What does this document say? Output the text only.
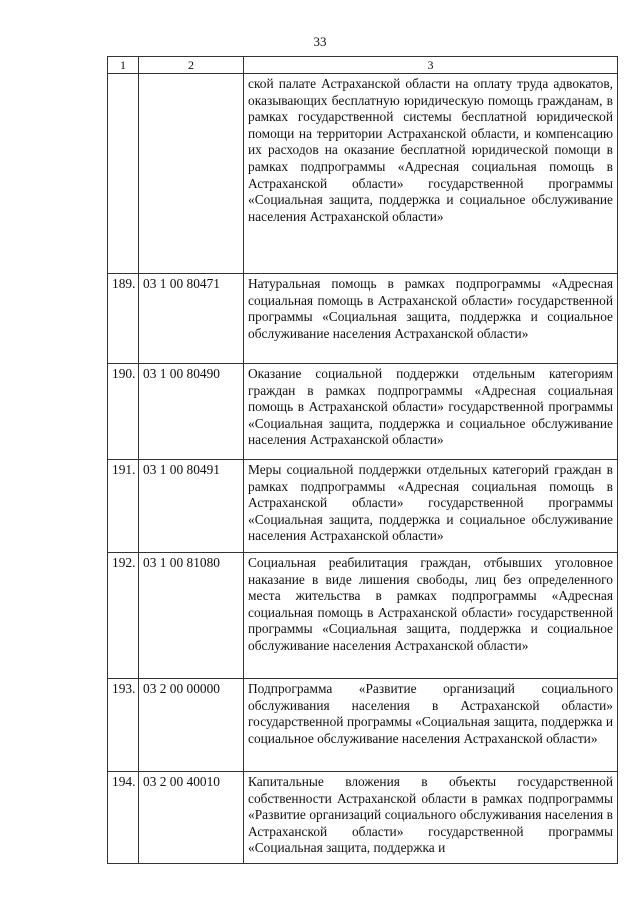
33
1	2	3
		ской палате Астраханской области на оплату труда адвокатов, оказывающих бесплатную юридическую помощь гражданам, в рамках государственной системы бесплатной юридической помощи на территории Астраханской области, и компенсацию их расходов на оказание бесплатной юридической помощи в рамках подпрограммы «Адресная социальная помощь в Астраханской области» государственной программы «Социальная защита, поддержка и социальное обслуживание населения Астраханской области»
189.	03 1 00 80471	Натуральная помощь в рамках подпрограммы «Адресная социальная помощь в Астраханской области» государственной программы «Социальная защита, поддержка и социальное обслуживание населения Астраханской области»
190.	03 1 00 80490	Оказание социальной поддержки отдельным категориям граждан в рамках подпрограммы «Адресная социальная помощь в Астраханской области» государственной программы «Социальная защита, поддержка и социальное обслуживание населения Астраханской области»
191.	03 1 00 80491	Меры социальной поддержки отдельных категорий граждан в рамках подпрограммы «Адресная социальная помощь в Астраханской области» государственной программы «Социальная защита, поддержка и социальное обслуживание населения Астраханской области»
192.	03 1 00 81080	Социальная реабилитация граждан, отбывших уголовное наказание в виде лишения свободы, лиц без определенного места жительства в рамках подпрограммы «Адресная социальная помощь в Астраханской области» государственной программы «Социальная защита, поддержка и социальное обслуживание населения Астраханской области»
193.	03 2 00 00000	Подпрограмма «Развитие организаций социального обслуживания населения в Астраханской области» государственной программы «Социальная защита, поддержка и социальное обслуживание населения Астраханской области»
194.	03 2 00 40010	Капитальные вложения в объекты государственной собственности Астраханской области в рамках подпрограммы «Развитие организаций социального обслуживания населения в Астраханской области» государственной программы «Социальная защита, поддержка и
